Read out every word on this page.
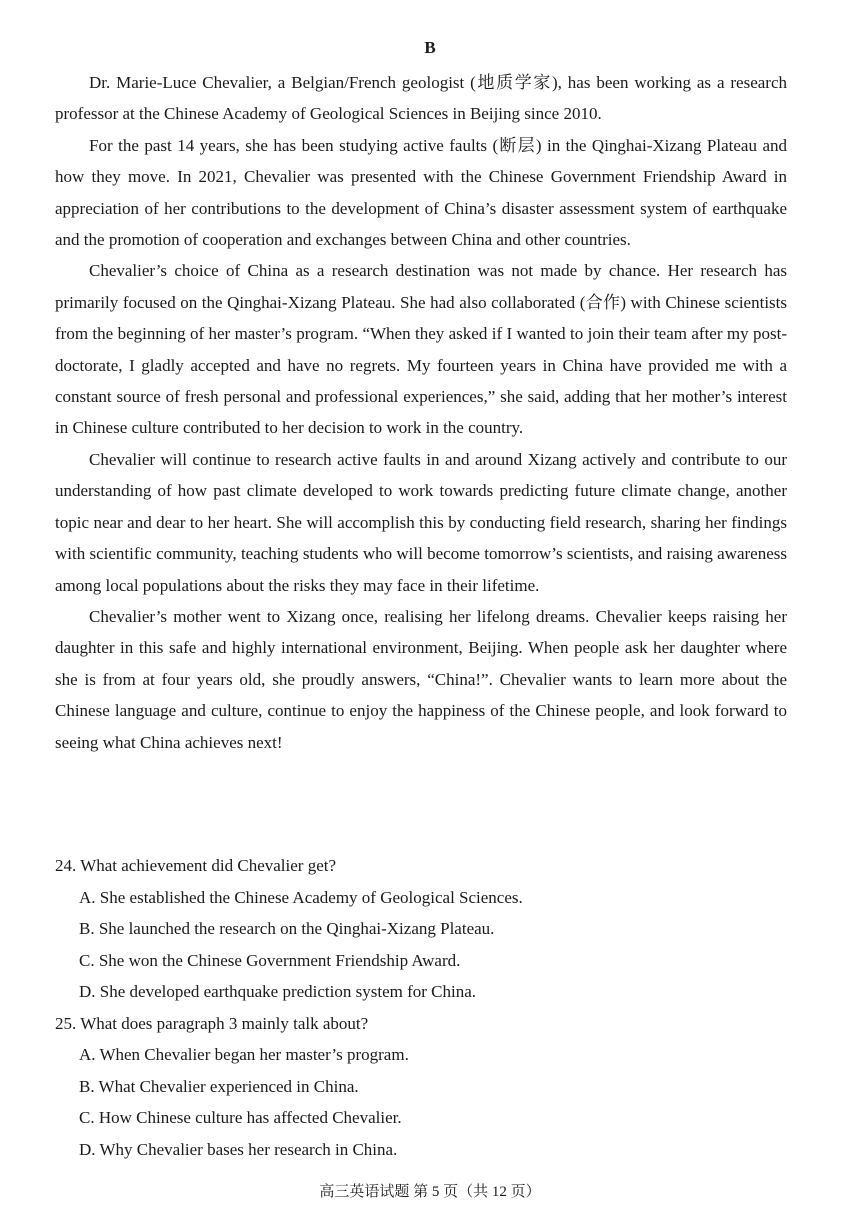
B

Dr. Marie-Luce Chevalier, a Belgian/French geologist (地质学家), has been working as a research professor at the Chinese Academy of Geological Sciences in Beijing since 2010.

For the past 14 years, she has been studying active faults (断层) in the Qinghai-Xizang Plateau and how they move. In 2021, Chevalier was presented with the Chinese Government Friendship Award in appreciation of her contributions to the development of China’s disaster assessment system of earthquake and the promotion of cooperation and exchanges between China and other countries.

Chevalier’s choice of China as a research destination was not made by chance. Her research has primarily focused on the Qinghai-Xizang Plateau. She had also collaborated (合作) with Chinese scientists from the beginning of her master’s program. “When they asked if I wanted to join their team after my post-doctorate, I gladly accepted and have no regrets. My fourteen years in China have provided me with a constant source of fresh personal and professional experiences,” she said, adding that her mother’s interest in Chinese culture contributed to her decision to work in the country.

Chevalier will continue to research active faults in and around Xizang actively and contribute to our understanding of how past climate developed to work towards predicting future climate change, another topic near and dear to her heart. She will accomplish this by conducting field research, sharing her findings with scientific community, teaching students who will become tomorrow’s scientists, and raising awareness among local populations about the risks they may face in their lifetime.

Chevalier’s mother went to Xizang once, realising her lifelong dreams. Chevalier keeps raising her daughter in this safe and highly international environment, Beijing. When people ask her daughter where she is from at four years old, she proudly answers, “China!”. Chevalier wants to learn more about the Chinese language and culture, continue to enjoy the happiness of the Chinese people, and look forward to seeing what China achieves next!

24. What achievement did Chevalier get?

A. She established the Chinese Academy of Geological Sciences.

B. She launched the research on the Qinghai-Xizang Plateau.

C. She won the Chinese Government Friendship Award.

D. She developed earthquake prediction system for China.

25. What does paragraph 3 mainly talk about?

A. When Chevalier began her master’s program.

B. What Chevalier experienced in China.

C. How Chinese culture has affected Chevalier.

D. Why Chevalier bases her research in China.

高三英语试题 第 5 页（共 12 页）
